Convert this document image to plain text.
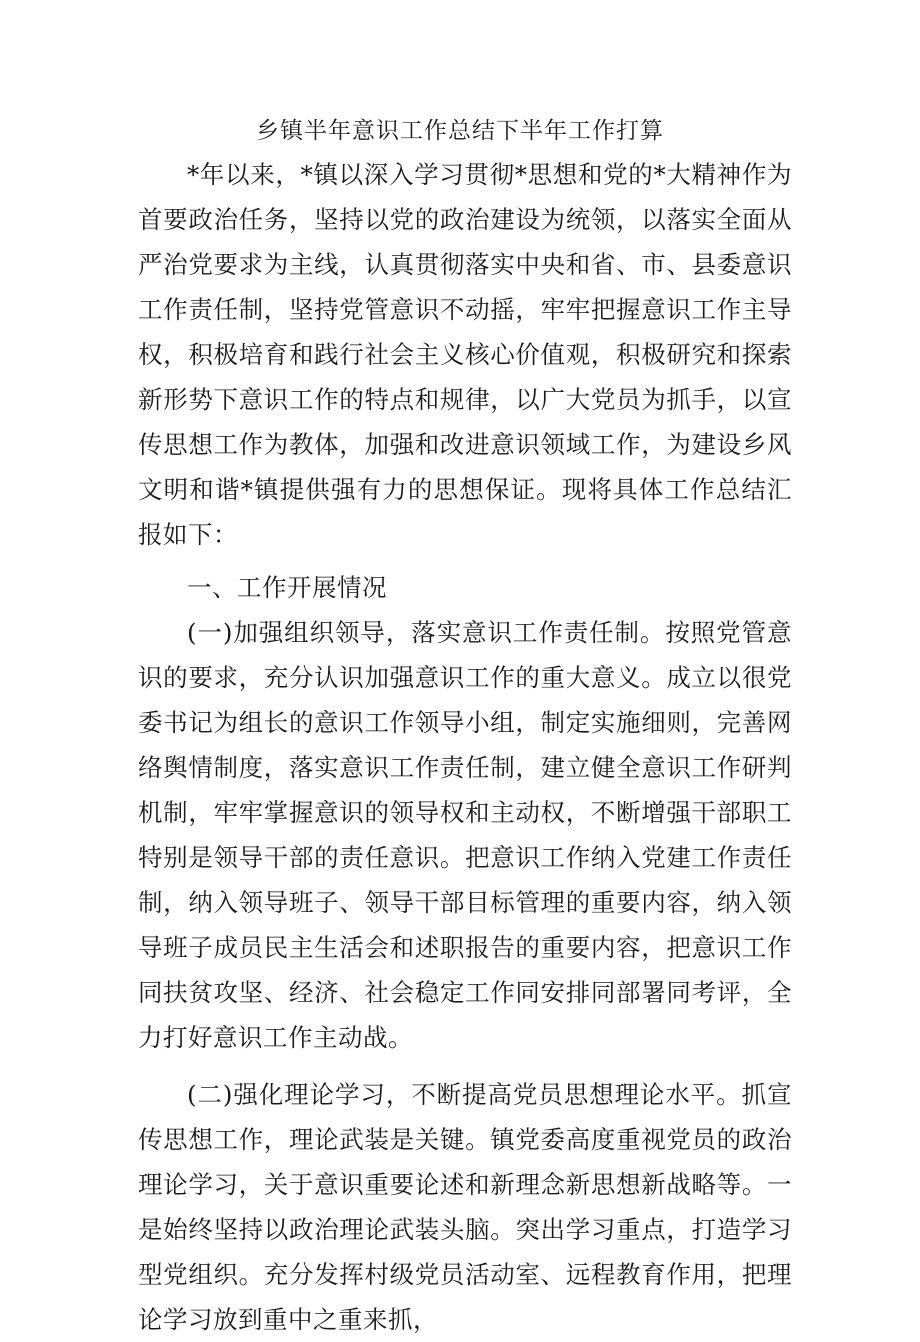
乡镇半年意识工作总结下半年工作打算

*年以来，*镇以深入学习贯彻*思想和党的*大精神作为首要政治任务，坚持以党的政治建设为统领，以落实全面从严治党要求为主线，认真贯彻落实中央和省、市、县委意识工作责任制，坚持党管意识不动摇，牢牢把握意识工作主导权，积极培育和践行社会主义核心价值观，积极研究和探索新形势下意识工作的特点和规律，以广大党员为抓手，以宣传思想工作为教体，加强和改进意识领域工作，为建设乡风文明和谐*镇提供强有力的思想保证。现将具体工作总结汇报如下：

一、工作开展情况

(一)加强组织领导，落实意识工作责任制。按照党管意识的要求，充分认识加强意识工作的重大意义。成立以很党委书记为组长的意识工作领导小组，制定实施细则，完善网络舆情制度，落实意识工作责任制，建立健全意识工作研判机制，牢牢掌握意识的领导权和主动权，不断增强干部职工特别是领导干部的责任意识。把意识工作纳入党建工作责任制，纳入领导班子、领导干部目标管理的重要内容，纳入领导班子成员民主生活会和述职报告的重要内容，把意识工作同扶贫攻坚、经济、社会稳定工作同安排同部署同考评，全力打好意识工作主动战。

(二)强化理论学习，不断提高党员思想理论水平。抓宣传思想工作，理论武装是关键。镇党委高度重视党员的政治理论学习，关于意识重要论述和新理念新思想新战略等。一是始终坚持以政治理论武装头脑。突出学习重点，打造学习型党组织。充分发挥村级党员活动室、远程教育作用，把理论学习放到重中之重来抓，
